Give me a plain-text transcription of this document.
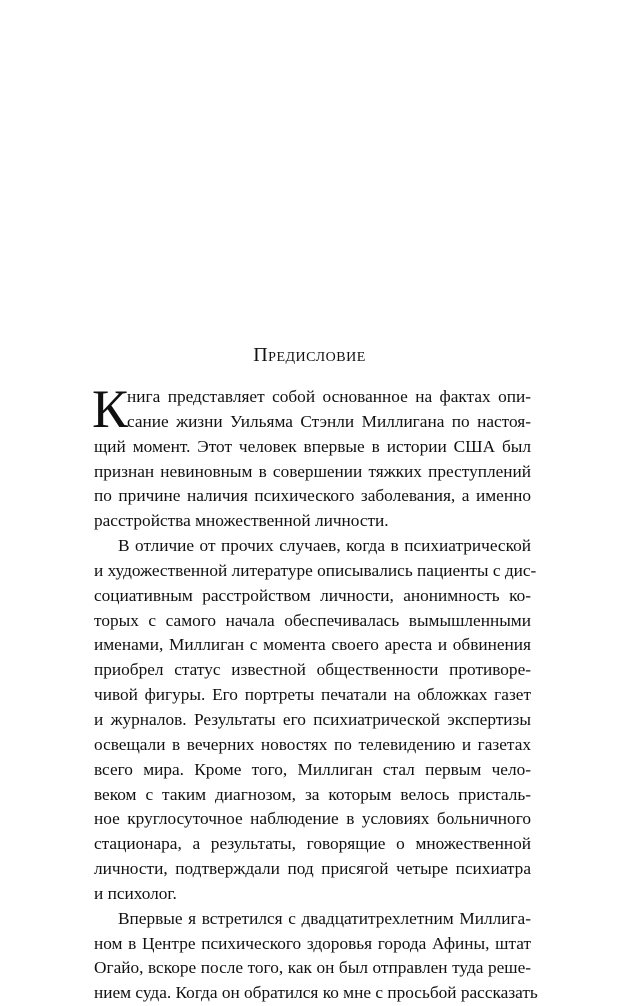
Предисловие
К
нига представляет собой основанное на фактах опи-
сание жизни Уильяма Стэнли Миллигана по настоя-
щий момент. Этот человек впервые в истории США был
признан невиновным в совершении тяжких преступлений
по причине наличия психического заболевания, а именно
расстройства множественной личности.
В отличие от прочих случаев, когда в психиатрической
и художественной литературе описывались пациенты с дис-
социативным расстройством личности, анонимность ко-
торых с самого начала обеспечивалась вымышленными
именами, Миллиган с момента своего ареста и обвинения
приобрел статус известной общественности противоре-
чивой фигуры. Его портреты печатали на обложках газет
и журналов. Результаты его психиатрической экспертизы
освещали в вечерних новостях по телевидению и газетах
всего мира. Кроме того, Миллиган стал первым чело-
веком с таким диагнозом, за которым велось присталь-
ное круглосуточное наблюдение в условиях больничного
стационара, а результаты, говорящие о множественной
личности, подтверждали под присягой четыре психиатра
и психолог.
Впервые я встретился с двадцатитрехлетним Миллига-
ном в Центре психического здоровья города Афины, штат
Огайо, вскоре после того, как он был отправлен туда реше-
нием суда. Когда он обратился ко мне с просьбой рассказать
